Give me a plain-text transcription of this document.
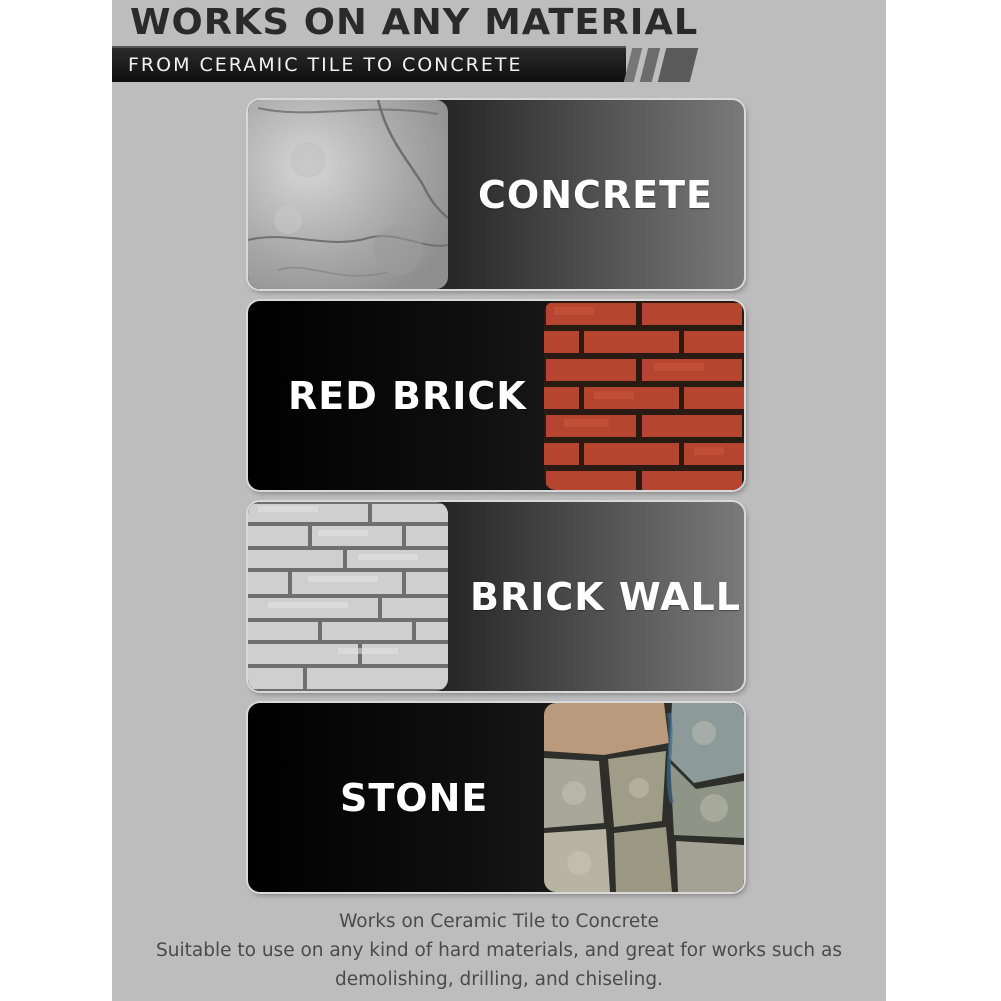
WORKS ON ANY MATERIAL
FROM CERAMIC TILE TO CONCRETE
CONCRETE
RED BRICK
BRICK WALL
STONE
Works on Ceramic Tile to Concrete
Suitable to use on any kind of hard materials, and great for works such as
demolishing, drilling, and chiseling.
